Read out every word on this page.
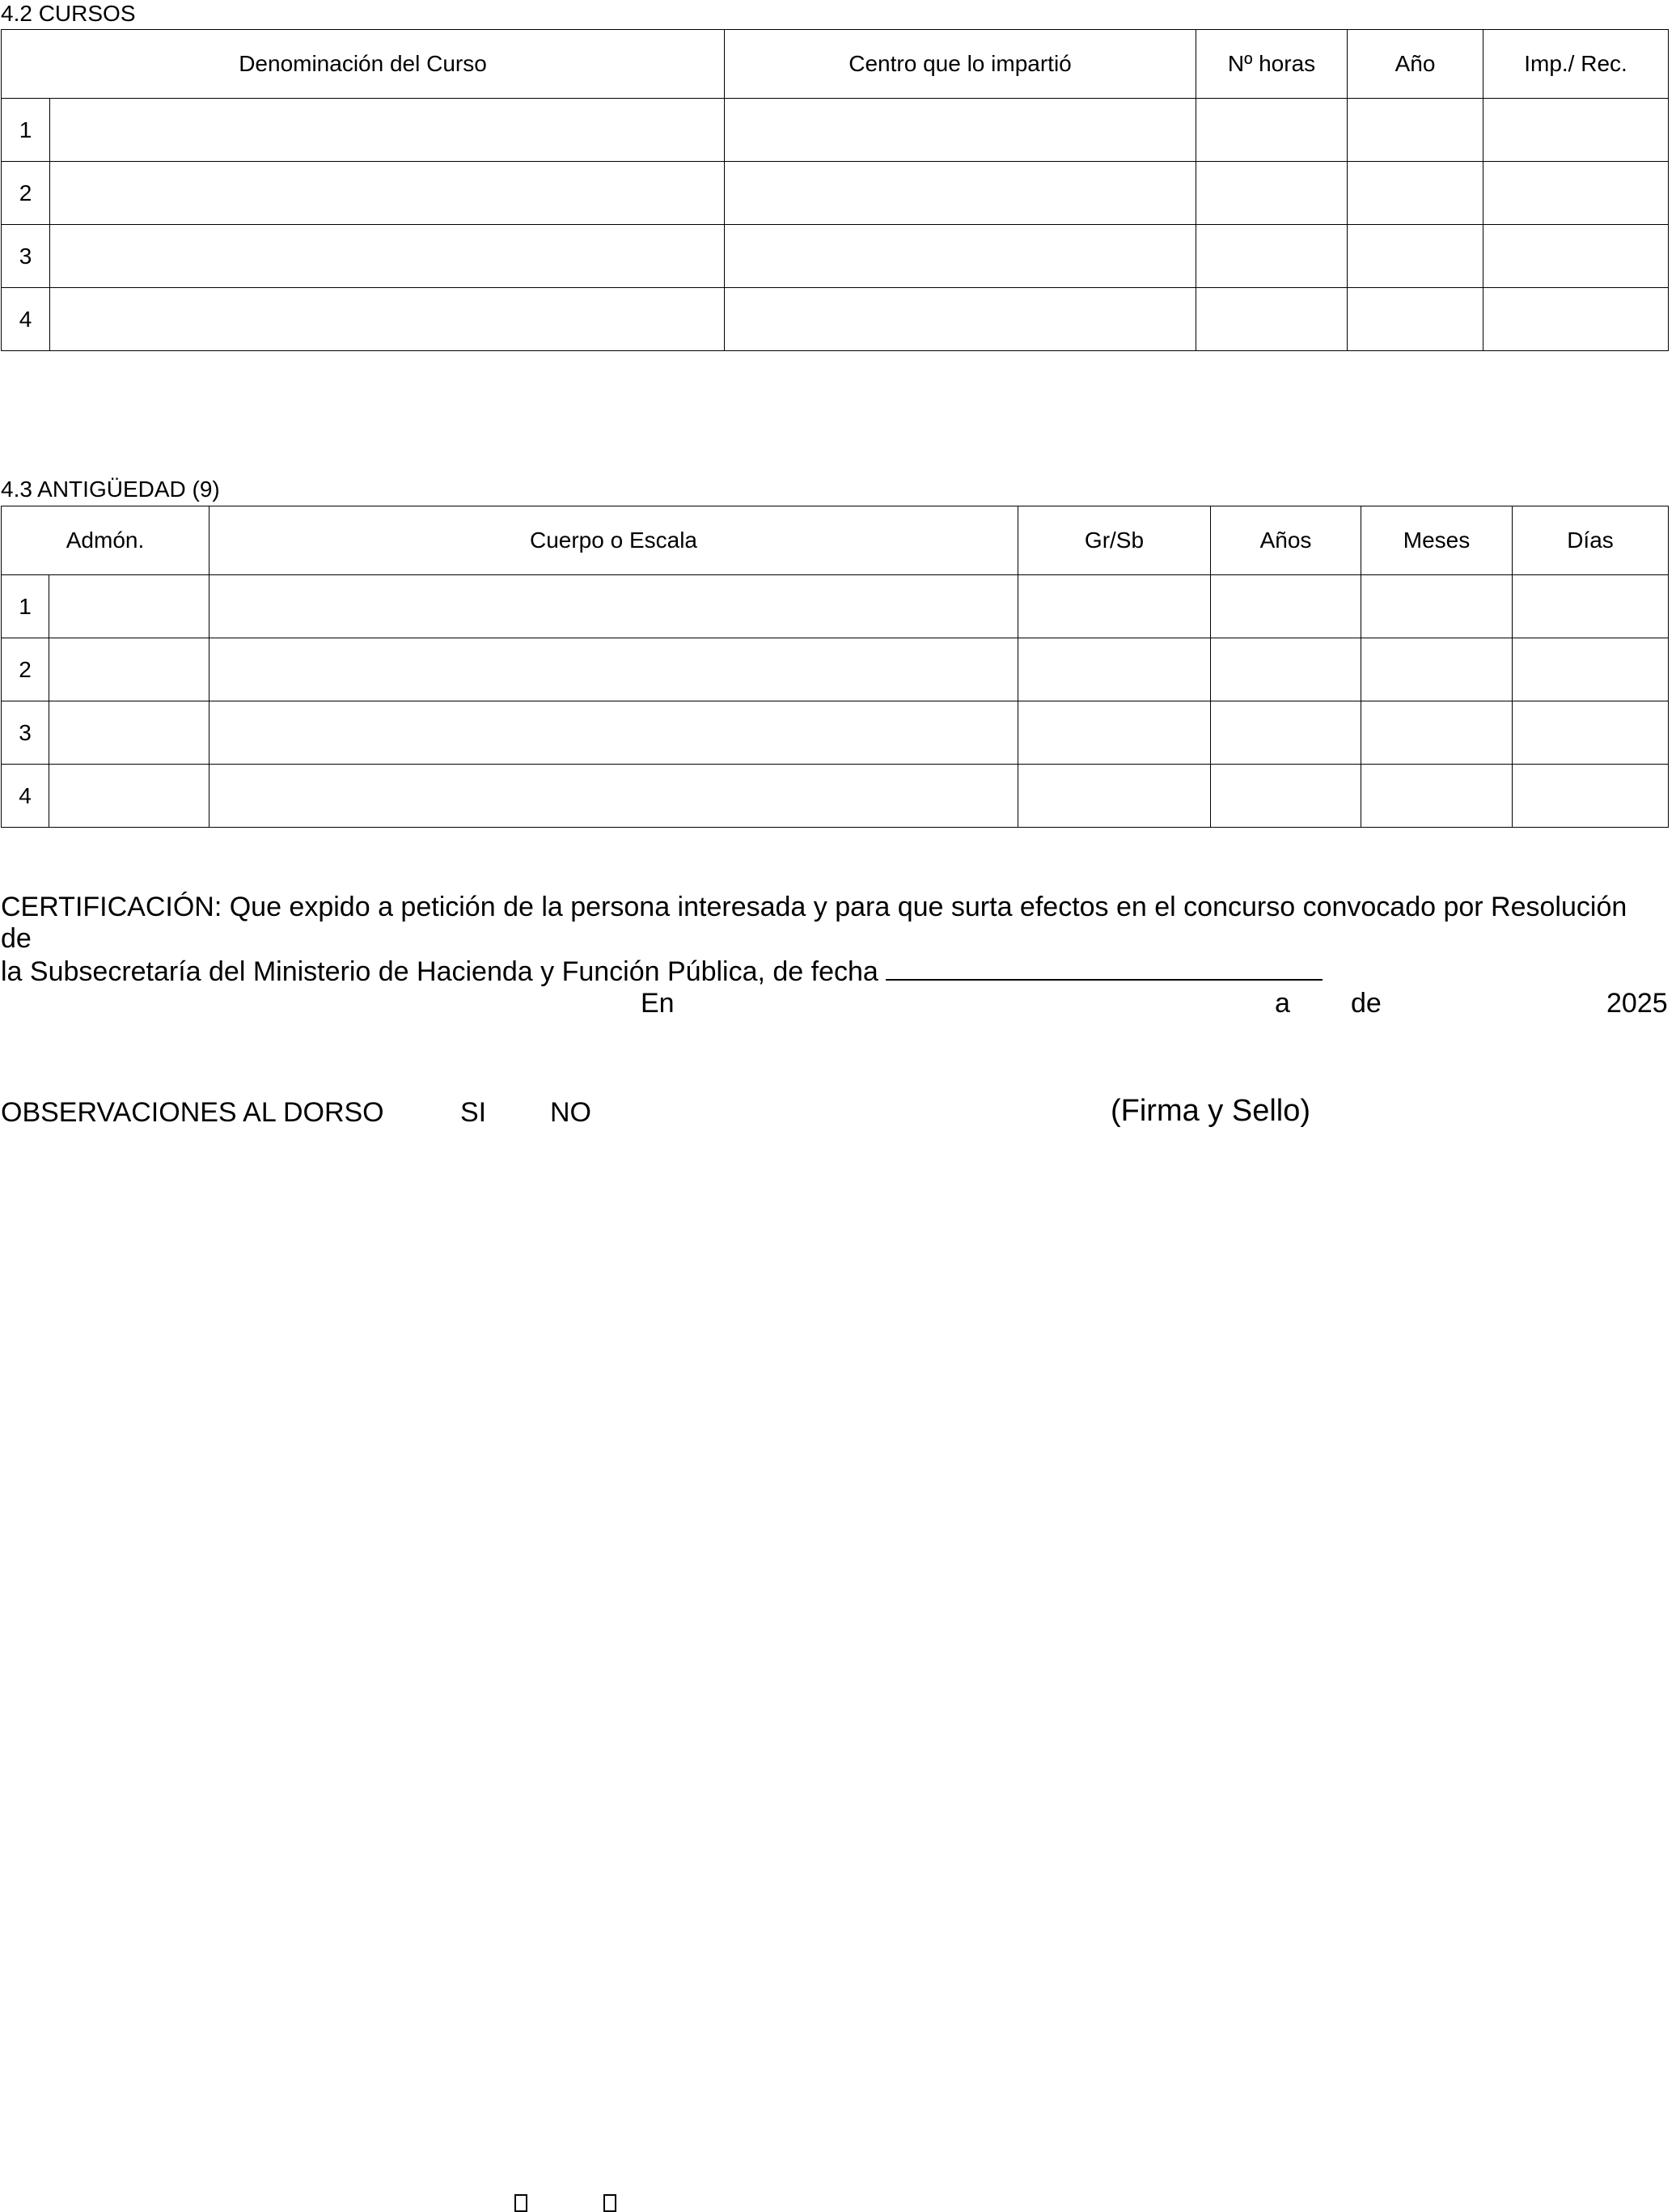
4.2 CURSOS
Denominación del Curso		Centro que lo impartió	Nº horas	Año	Imp./ Rec.
1					
2					
3					
4					
4.3 ANTIGÜEDAD (9)
Admón.		Cuerpo o Escala	Gr/Sb	Años	Meses	Días
1						
2						
3						
4						
CERTIFICACIÓN: Que expido a petición de la persona interesada y para que surta efectos en el concurso convocado por Resolución de
la Subsecretaría del Ministerio de Hacienda y Función Pública, de fecha
En	a de	2025
OBSERVACIONES AL DORSO	SI NO	(Firma y Sello)
